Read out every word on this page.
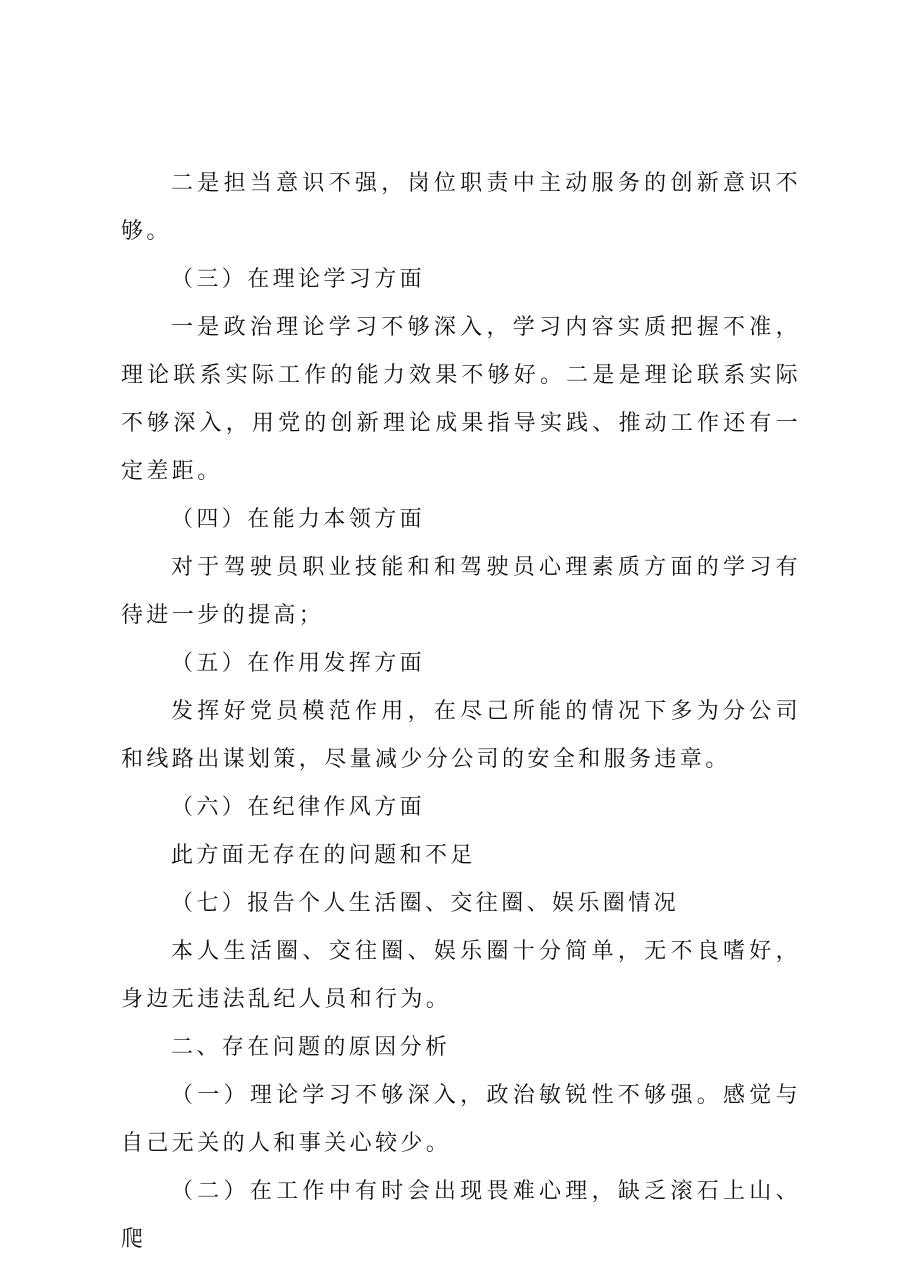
二是担当意识不强，岗位职责中主动服务的创新意识不够。

（三）在理论学习方面

一是政治理论学习不够深入，学习内容实质把握不准，理论联系实际工作的能力效果不够好。二是是理论联系实际不够深入，用党的创新理论成果指导实践、推动工作还有一定差距。

（四）在能力本领方面

对于驾驶员职业技能和和驾驶员心理素质方面的学习有待进一步的提高；

（五）在作用发挥方面

发挥好党员模范作用，在尽己所能的情况下多为分公司和线路出谋划策，尽量减少分公司的安全和服务违章。

（六）在纪律作风方面

此方面无存在的问题和不足

（七）报告个人生活圈、交往圈、娱乐圈情况

本人生活圈、交往圈、娱乐圈十分简单，无不良嗜好，身边无违法乱纪人员和行为。

二、存在问题的原因分析

（一）理论学习不够深入，政治敏锐性不够强。感觉与自己无关的人和事关心较少。

（二）在工作中有时会出现畏难心理，缺乏滚石上山、爬
